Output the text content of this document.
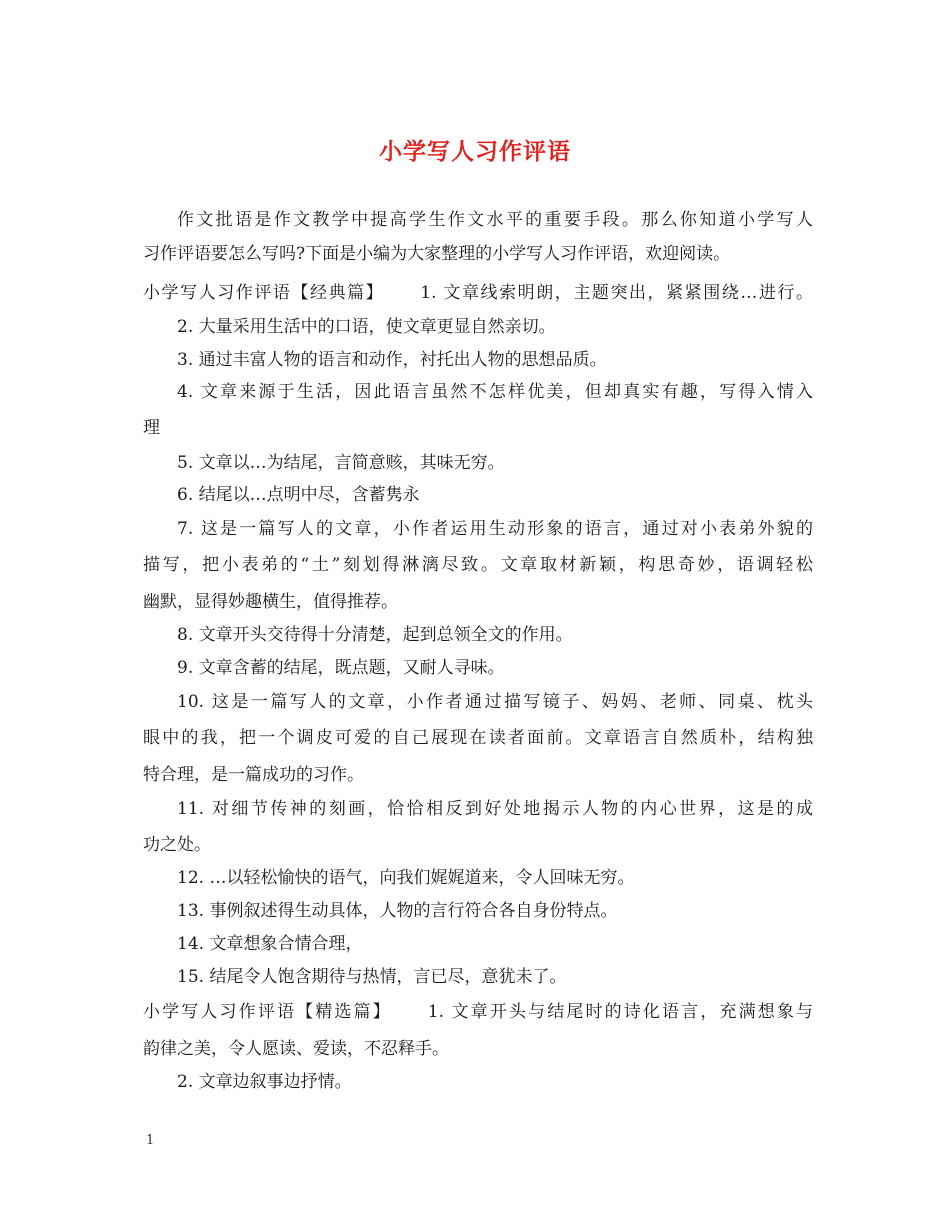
小学写人习作评语
作文批语是作文教学中提高学生作文水平的重要手段。那么你知道小学写人
习作评语要怎么写吗?下面是小编为大家整理的小学写人习作评语，欢迎阅读。
小学写人习作评语【经典篇】 1. 文章线索明朗，主题突出，紧紧围绕…进行。
2. 大量采用生活中的口语，使文章更显自然亲切。
3. 通过丰富人物的语言和动作，衬托出人物的思想品质。
4. 文章来源于生活，因此语言虽然不怎样优美，但却真实有趣，写得入情入
理
5. 文章以…为结尾，言简意赅，其味无穷。
6. 结尾以…点明中尽，含蓄隽永
7. 这是一篇写人的文章，小作者运用生动形象的语言，通过对小表弟外貌的
描写，把小表弟的“土”刻划得淋漓尽致。文章取材新颖，构思奇妙，语调轻松
幽默，显得妙趣横生，值得推荐。
8. 文章开头交待得十分清楚，起到总领全文的作用。
9. 文章含蓄的结尾，既点题，又耐人寻味。
10. 这是一篇写人的文章，小作者通过描写镜子、妈妈、老师、同桌、枕头
眼中的我，把一个调皮可爱的自己展现在读者面前。文章语言自然质朴，结构独
特合理，是一篇成功的习作。
11. 对细节传神的刻画，恰恰相反到好处地揭示人物的内心世界，这是的成
功之处。
12. …以轻松愉快的语气，向我们娓娓道来，令人回味无穷。
13. 事例叙述得生动具体，人物的言行符合各自身份特点。
14. 文章想象合情合理，
15. 结尾令人饱含期待与热情，言已尽，意犹未了。
小学写人习作评语【精选篇】 1. 文章开头与结尾时的诗化语言，充满想象与
韵律之美，令人愿读、爱读，不忍释手。
2. 文章边叙事边抒情。
1
